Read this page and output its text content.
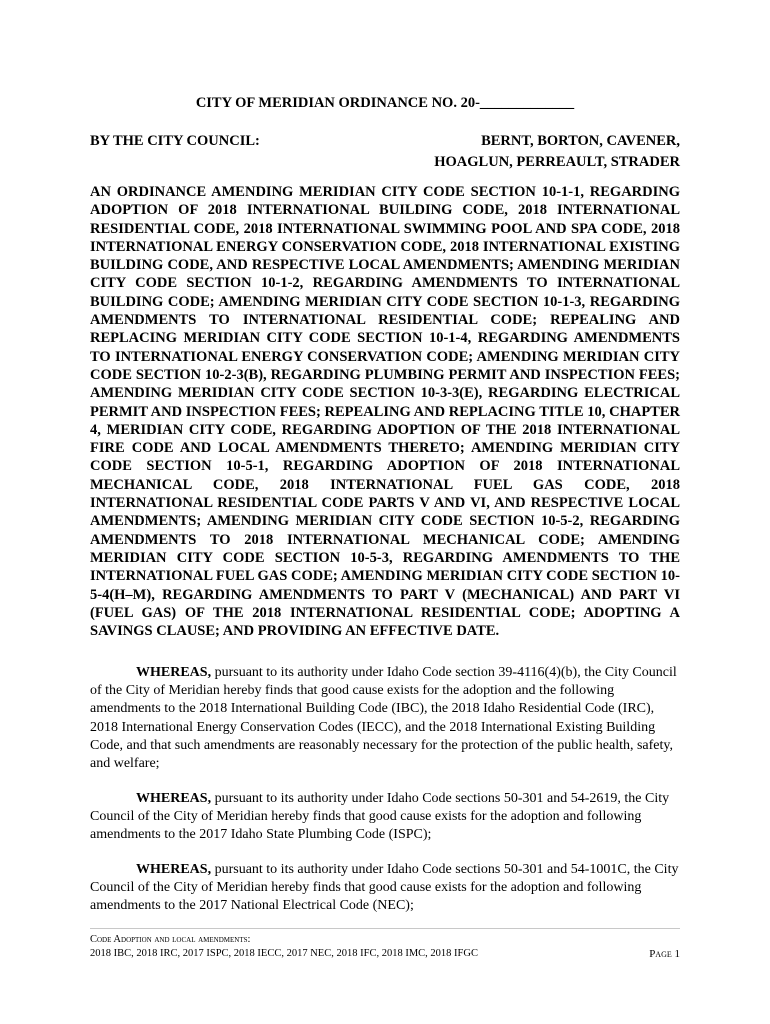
CITY OF MERIDIAN ORDINANCE NO. 20-_____________
BY THE CITY COUNCIL:	BERNT, BORTON, CAVENER,
HOAGLUN, PERREAULT, STRADER

AN ORDINANCE AMENDING MERIDIAN CITY CODE SECTION 10-1-1, REGARDING ADOPTION OF 2018 INTERNATIONAL BUILDING CODE, 2018 INTERNATIONAL RESIDENTIAL CODE, 2018 INTERNATIONAL SWIMMING POOL AND SPA CODE, 2018 INTERNATIONAL ENERGY CONSERVATION CODE, 2018 INTERNATIONAL EXISTING BUILDING CODE, AND RESPECTIVE LOCAL AMENDMENTS; AMENDING MERIDIAN CITY CODE SECTION 10-1-2, REGARDING AMENDMENTS TO INTERNATIONAL BUILDING CODE; AMENDING MERIDIAN CITY CODE SECTION 10-1-3, REGARDING AMENDMENTS TO INTERNATIONAL RESIDENTIAL CODE; REPEALING AND REPLACING MERIDIAN CITY CODE SECTION 10-1-4, REGARDING AMENDMENTS TO INTERNATIONAL ENERGY CONSERVATION CODE; AMENDING MERIDIAN CITY CODE SECTION 10-2-3(B), REGARDING PLUMBING PERMIT AND INSPECTION FEES; AMENDING MERIDIAN CITY CODE SECTION 10-3-3(E), REGARDING ELECTRICAL PERMIT AND INSPECTION FEES; REPEALING AND REPLACING TITLE 10, CHAPTER 4, MERIDIAN CITY CODE, REGARDING ADOPTION OF THE 2018 INTERNATIONAL FIRE CODE AND LOCAL AMENDMENTS THERETO; AMENDING MERIDIAN CITY CODE SECTION 10-5-1, REGARDING ADOPTION OF 2018 INTERNATIONAL MECHANICAL CODE, 2018 INTERNATIONAL FUEL GAS CODE, 2018 INTERNATIONAL RESIDENTIAL CODE PARTS V AND VI, AND RESPECTIVE LOCAL AMENDMENTS; AMENDING MERIDIAN CITY CODE SECTION 10-5-2, REGARDING AMENDMENTS TO 2018 INTERNATIONAL MECHANICAL CODE; AMENDING MERIDIAN CITY CODE SECTION 10-5-3, REGARDING AMENDMENTS TO THE INTERNATIONAL FUEL GAS CODE; AMENDING MERIDIAN CITY CODE SECTION 10-5-4(H–M), REGARDING AMENDMENTS TO PART V (MECHANICAL) AND PART VI (FUEL GAS) OF THE 2018 INTERNATIONAL RESIDENTIAL CODE; ADOPTING A SAVINGS CLAUSE; AND PROVIDING AN EFFECTIVE DATE.

WHEREAS, pursuant to its authority under Idaho Code section 39-4116(4)(b), the City Council of the City of Meridian hereby finds that good cause exists for the adoption and the following amendments to the 2018 International Building Code (IBC), the 2018 Idaho Residential Code (IRC), 2018 International Energy Conservation Codes (IECC), and the 2018 International Existing Building Code, and that such amendments are reasonably necessary for the protection of the public health, safety, and welfare;

WHEREAS, pursuant to its authority under Idaho Code sections 50-301 and 54-2619, the City Council of the City of Meridian hereby finds that good cause exists for the adoption and following amendments to the 2017 Idaho State Plumbing Code (ISPC);

WHEREAS, pursuant to its authority under Idaho Code sections 50-301 and 54-1001C, the City Council of the City of Meridian hereby finds that good cause exists for the adoption and following amendments to the 2017 National Electrical Code (NEC);

Code Adoption and local amendments:
2018 IBC, 2018 IRC, 2017 ISPC, 2018 IECC, 2017 NEC, 2018 IFC, 2018 IMC, 2018 IFGC	Page 1
